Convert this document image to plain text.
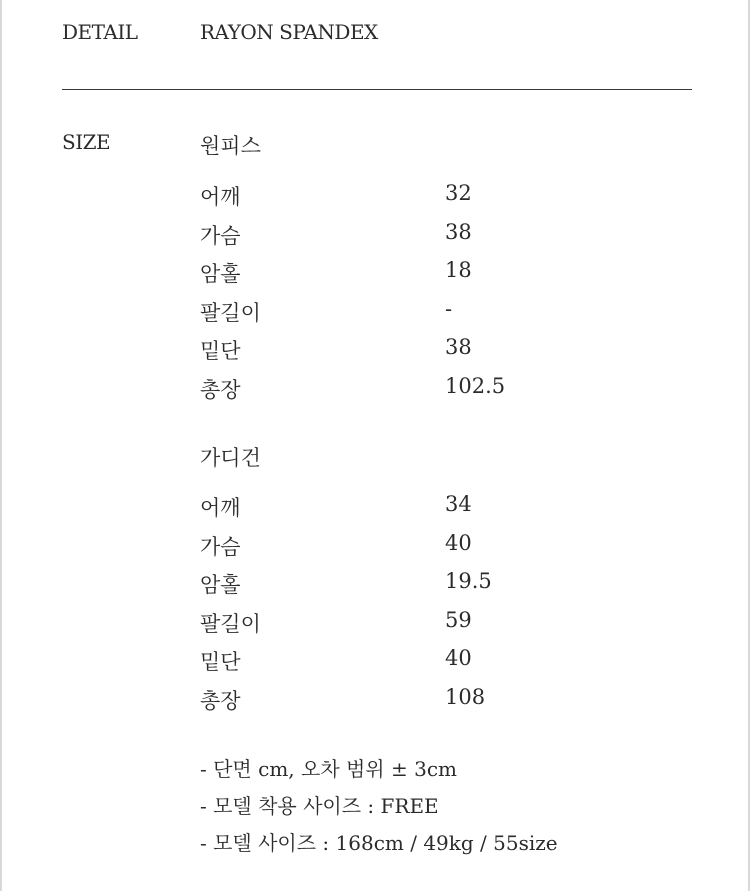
DETAIL	RAYON SPANDEX
SIZE	원피스
어깨	32
가슴	38
암홀	18
팔길이	-
밑단	38
총장	102.5
가디건
어깨	34
가슴	40
암홀	19.5
팔길이	59
밑단	40
총장	108
- 단면 cm, 오차 범위 ± 3cm
- 모델 착용 사이즈 : FREE
- 모델 사이즈 : 168cm / 49kg / 55size
